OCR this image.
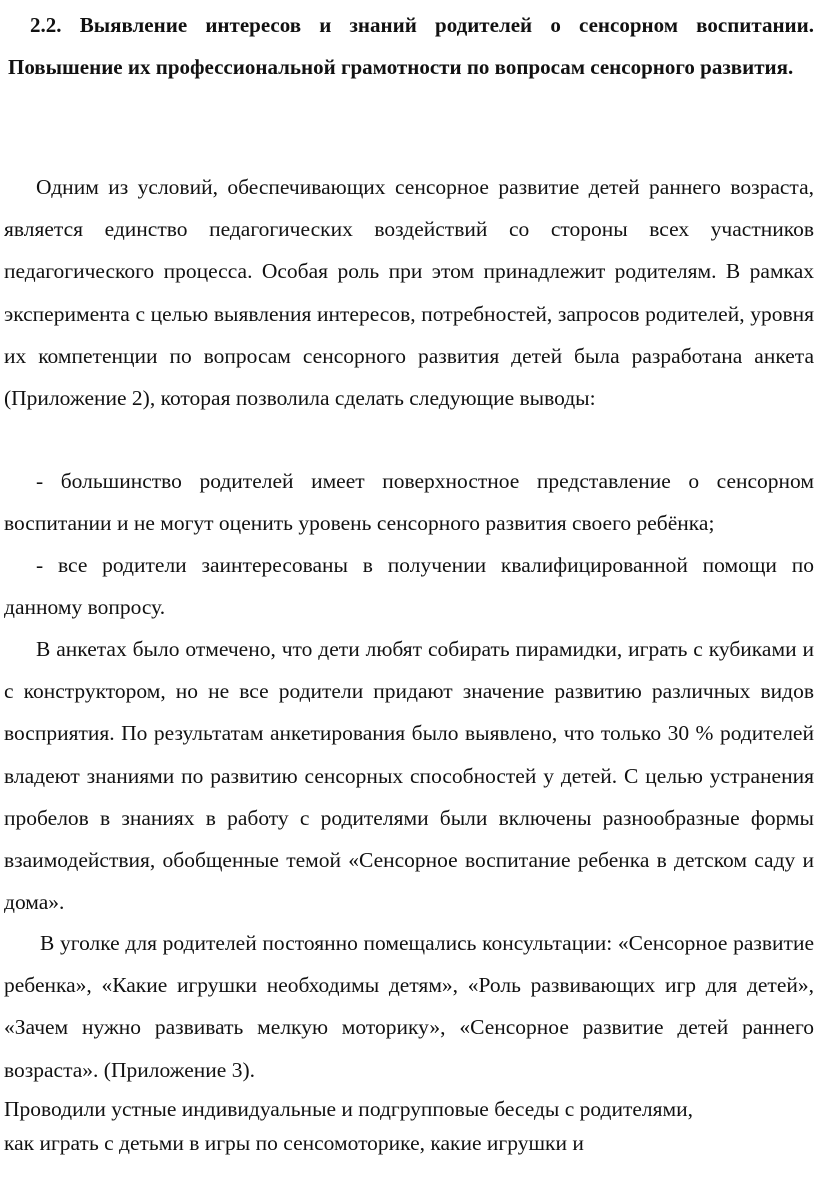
2.2. Выявление интересов и знаний родителей о сенсорном воспитании. Повышение их профессиональной грамотности по вопросам сенсорного развития.

Одним из условий, обеспечивающих сенсорное развитие детей раннего возраста, является единство педагогических воздействий со стороны всех участников педагогического процесса. Особая роль при этом принадлежит родителям. В рамках эксперимента с целью выявления интересов, потребностей, запросов родителей, уровня их компетенции по вопросам сенсорного развития детей была разработана анкета (Приложение 2), которая позволила сделать следующие выводы:

- большинство родителей имеет поверхностное представление о сенсорном воспитании и не могут оценить уровень сенсорного развития своего ребёнка;

- все родители заинтересованы в получении квалифицированной помощи по данному вопросу.

В анкетах было отмечено, что дети любят собирать пирамидки, играть с кубиками и с конструктором, но не все родители придают значение развитию различных видов восприятия. По результатам анкетирования было выявлено, что только 30 % родителей владеют знаниями по развитию сенсорных способностей у детей. С целью устранения пробелов в знаниях в работу с родителями были включены разнообразные формы взаимодействия, обобщенные темой «Сенсорное воспитание ребенка в детском саду и дома».

В уголке для родителей постоянно помещались консультации: «Сенсорное развитие ребенка», «Какие игрушки необходимы детям», «Роль развивающих игр для детей», «Зачем нужно развивать мелкую моторику», «Сенсорное развитие детей раннего возраста». (Приложение 3).

Проводили устные индивидуальные и подгрупповые беседы с родителями,
как играть с детьми в игры по сенсомоторике, какие игрушки и
